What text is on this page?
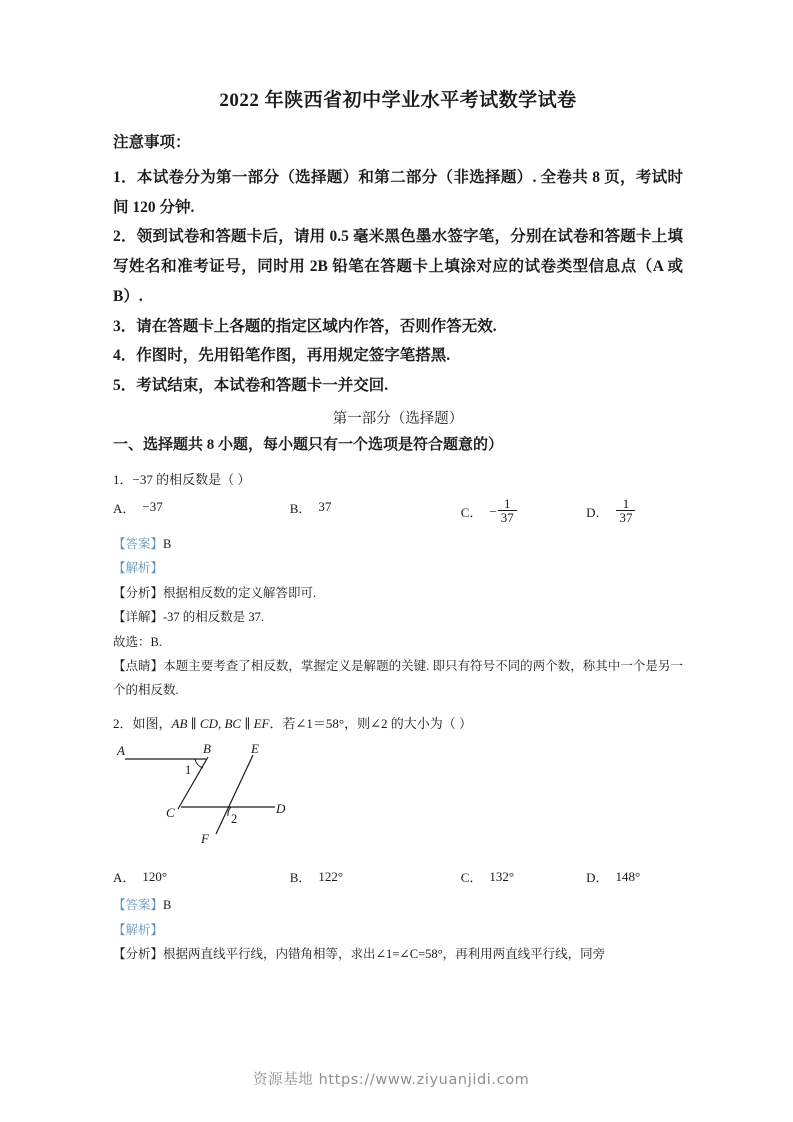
2022 年陕西省初中学业水平考试数学试卷

注意事项：

1．本试卷分为第一部分（选择题）和第二部分（非选择题）. 全卷共 8 页，考试时间 120 分钟.

2．领到试卷和答题卡后，请用 0.5 毫米黑色墨水签字笔，分别在试卷和答题卡上填写姓名和准考证号，同时用 2B 铅笔在答题卡上填涂对应的试卷类型信息点（A 或 B）.

3．请在答题卡上各题的指定区域内作答，否则作答无效.

4．作图时，先用铅笔作图，再用规定签字笔搭黑.

5．考试结束，本试卷和答题卡一并交回.

第一部分（选择题）

一、选择题共 8 小题，每小题只有一个选项是符合题意的）

1．−37 的相反数是（ ）

A． −37	B． 37	C． − $\frac{1}{37}$	D． $\frac{1}{37}$

【答案】B

【解析】

【分析】根据相反数的定义解答即可.

【详解】-37 的相反数是 37.

故选：B.

【点睛】本题主要考查了相反数，掌握定义是解题的关键. 即只有符号不同的两个数，称其中一个是另一个的相反数.

2．如图，AB ∥ CD, BC ∥ EF．若∠1＝58°，则∠2 的大小为（ ）

A	B	E
C	D
F
1
2
A． 120°	B． 122°	C． 132°	D． 148°

【答案】B

【解析】

【分析】根据两直线平行线，内错角相等，求出∠1=∠C=58°，再利用两直线平行线，同旁

资源基地 https://www.ziyuanjidi.com
